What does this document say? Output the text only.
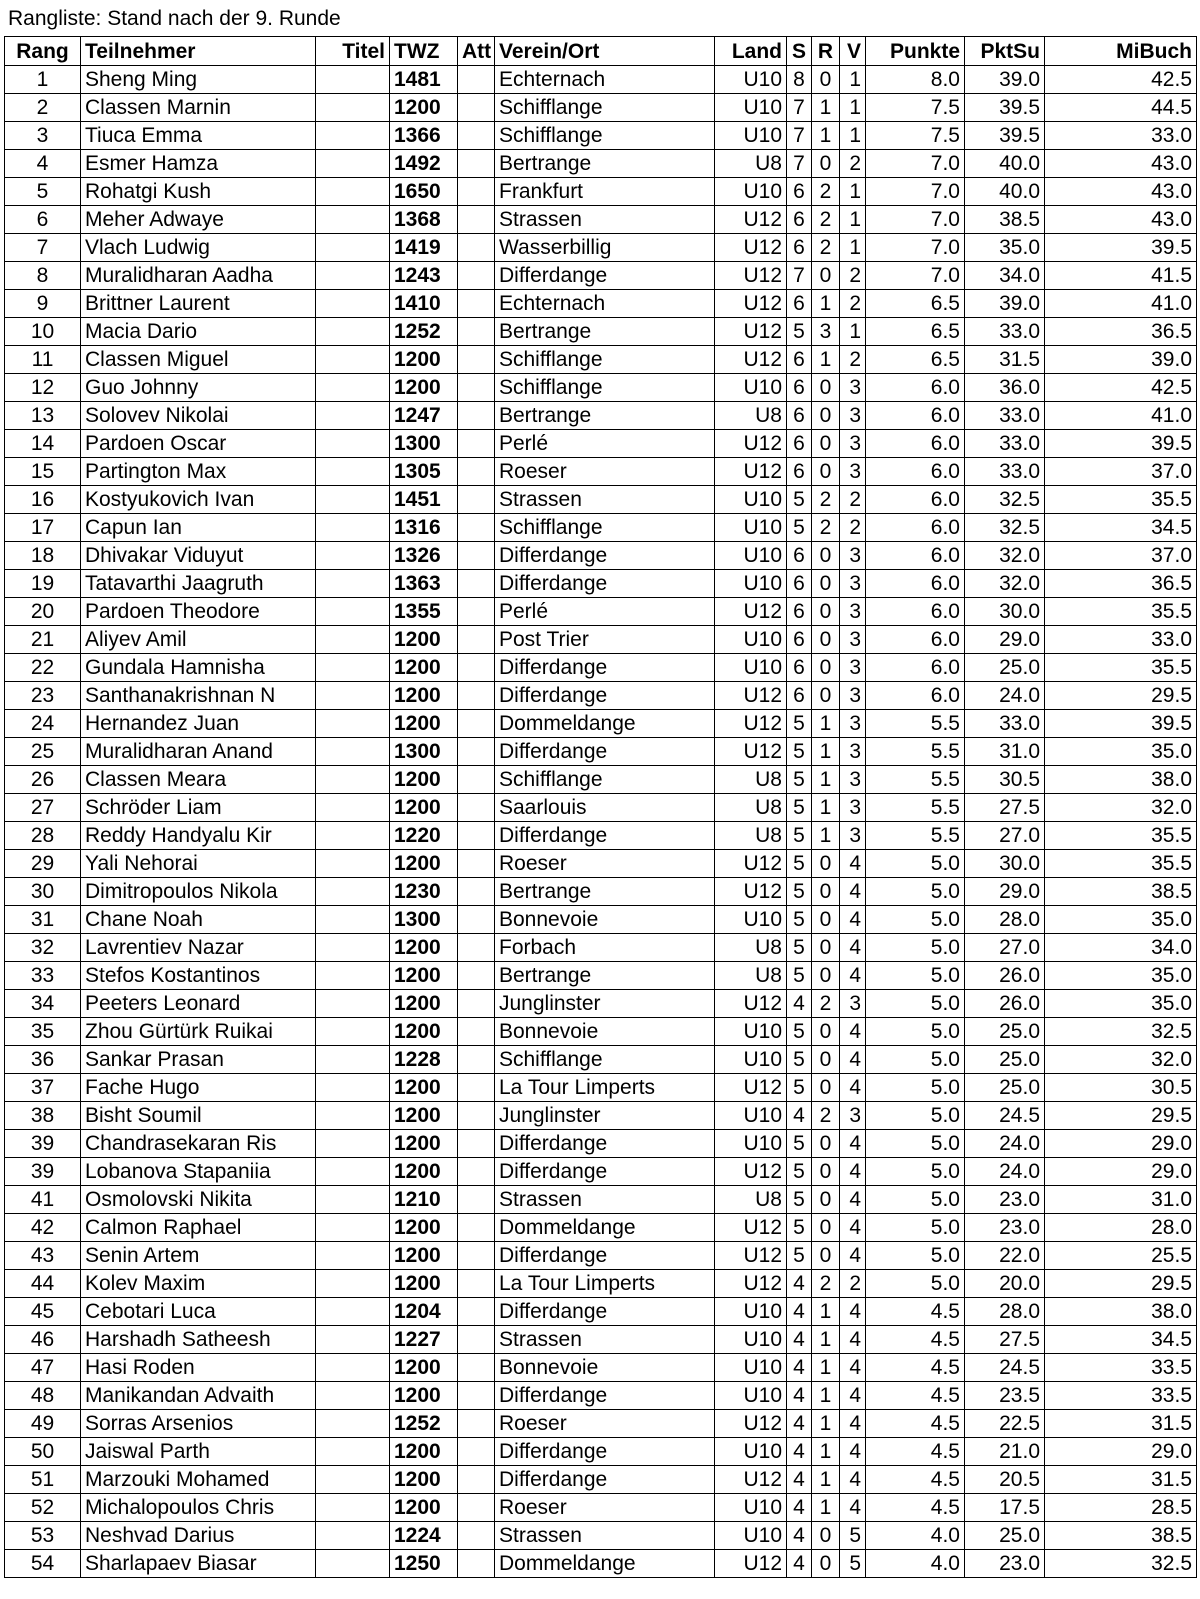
Rangliste: Stand nach der 9. Runde
Rang	Teilnehmer	Titel	TWZ	Att	Verein/Ort	Land	S	R	V	Punkte	PktSu	MiBuch
1	Sheng Ming		1481		Echternach	U10	8	0	1	8.0	39.0	42.5
2	Classen Marnin		1200		Schifflange	U10	7	1	1	7.5	39.5	44.5
3	Tiuca Emma		1366		Schifflange	U10	7	1	1	7.5	39.5	33.0
4	Esmer Hamza		1492		Bertrange	U8	7	0	2	7.0	40.0	43.0
5	Rohatgi Kush		1650		Frankfurt	U10	6	2	1	7.0	40.0	43.0
6	Meher Adwaye		1368		Strassen	U12	6	2	1	7.0	38.5	43.0
7	Vlach Ludwig		1419		Wasserbillig	U12	6	2	1	7.0	35.0	39.5
8	Muralidharan Aadha		1243		Differdange	U12	7	0	2	7.0	34.0	41.5
9	Brittner Laurent		1410		Echternach	U12	6	1	2	6.5	39.0	41.0
10	Macia Dario		1252		Bertrange	U12	5	3	1	6.5	33.0	36.5
11	Classen Miguel		1200		Schifflange	U12	6	1	2	6.5	31.5	39.0
12	Guo Johnny		1200		Schifflange	U10	6	0	3	6.0	36.0	42.5
13	Solovev Nikolai		1247		Bertrange	U8	6	0	3	6.0	33.0	41.0
14	Pardoen Oscar		1300		Perlé	U12	6	0	3	6.0	33.0	39.5
15	Partington Max		1305		Roeser	U12	6	0	3	6.0	33.0	37.0
16	Kostyukovich Ivan		1451		Strassen	U10	5	2	2	6.0	32.5	35.5
17	Capun Ian		1316		Schifflange	U10	5	2	2	6.0	32.5	34.5
18	Dhivakar Viduyut		1326		Differdange	U10	6	0	3	6.0	32.0	37.0
19	Tatavarthi Jaagruth		1363		Differdange	U10	6	0	3	6.0	32.0	36.5
20	Pardoen Theodore		1355		Perlé	U12	6	0	3	6.0	30.0	35.5
21	Aliyev Amil		1200		Post Trier	U10	6	0	3	6.0	29.0	33.0
22	Gundala Hamnisha		1200		Differdange	U10	6	0	3	6.0	25.0	35.5
23	Santhanakrishnan N		1200		Differdange	U12	6	0	3	6.0	24.0	29.5
24	Hernandez Juan		1200		Dommeldange	U12	5	1	3	5.5	33.0	39.5
25	Muralidharan Anand		1300		Differdange	U12	5	1	3	5.5	31.0	35.0
26	Classen Meara		1200		Schifflange	U8	5	1	3	5.5	30.5	38.0
27	Schröder Liam		1200		Saarlouis	U8	5	1	3	5.5	27.5	32.0
28	Reddy Handyalu Kir		1220		Differdange	U8	5	1	3	5.5	27.0	35.5
29	Yali Nehorai		1200		Roeser	U12	5	0	4	5.0	30.0	35.5
30	Dimitropoulos Nikola		1230		Bertrange	U12	5	0	4	5.0	29.0	38.5
31	Chane Noah		1300		Bonnevoie	U10	5	0	4	5.0	28.0	35.0
32	Lavrentiev Nazar		1200		Forbach	U8	5	0	4	5.0	27.0	34.0
33	Stefos Kostantinos		1200		Bertrange	U8	5	0	4	5.0	26.0	35.0
34	Peeters Leonard		1200		Junglinster	U12	4	2	3	5.0	26.0	35.0
35	Zhou Gürtürk Ruikai		1200		Bonnevoie	U10	5	0	4	5.0	25.0	32.5
36	Sankar Prasan		1228		Schifflange	U10	5	0	4	5.0	25.0	32.0
37	Fache Hugo		1200		La Tour Limperts	U12	5	0	4	5.0	25.0	30.5
38	Bisht Soumil		1200		Junglinster	U10	4	2	3	5.0	24.5	29.5
39	Chandrasekaran Ris		1200		Differdange	U10	5	0	4	5.0	24.0	29.0
39	Lobanova Stapaniia		1200		Differdange	U12	5	0	4	5.0	24.0	29.0
41	Osmolovski Nikita		1210		Strassen	U8	5	0	4	5.0	23.0	31.0
42	Calmon Raphael		1200		Dommeldange	U12	5	0	4	5.0	23.0	28.0
43	Senin Artem		1200		Differdange	U12	5	0	4	5.0	22.0	25.5
44	Kolev Maxim		1200		La Tour Limperts	U12	4	2	2	5.0	20.0	29.5
45	Cebotari Luca		1204		Differdange	U10	4	1	4	4.5	28.0	38.0
46	Harshadh Satheesh		1227		Strassen	U10	4	1	4	4.5	27.5	34.5
47	Hasi Roden		1200		Bonnevoie	U10	4	1	4	4.5	24.5	33.5
48	Manikandan Advaith		1200		Differdange	U10	4	1	4	4.5	23.5	33.5
49	Sorras Arsenios		1252		Roeser	U12	4	1	4	4.5	22.5	31.5
50	Jaiswal Parth		1200		Differdange	U10	4	1	4	4.5	21.0	29.0
51	Marzouki Mohamed		1200		Differdange	U12	4	1	4	4.5	20.5	31.5
52	Michalopoulos Chris		1200		Roeser	U10	4	1	4	4.5	17.5	28.5
53	Neshvad Darius		1224		Strassen	U10	4	0	5	4.0	25.0	38.5
54	Sharlapaev Biasar		1250		Dommeldange	U12	4	0	5	4.0	23.0	32.5
